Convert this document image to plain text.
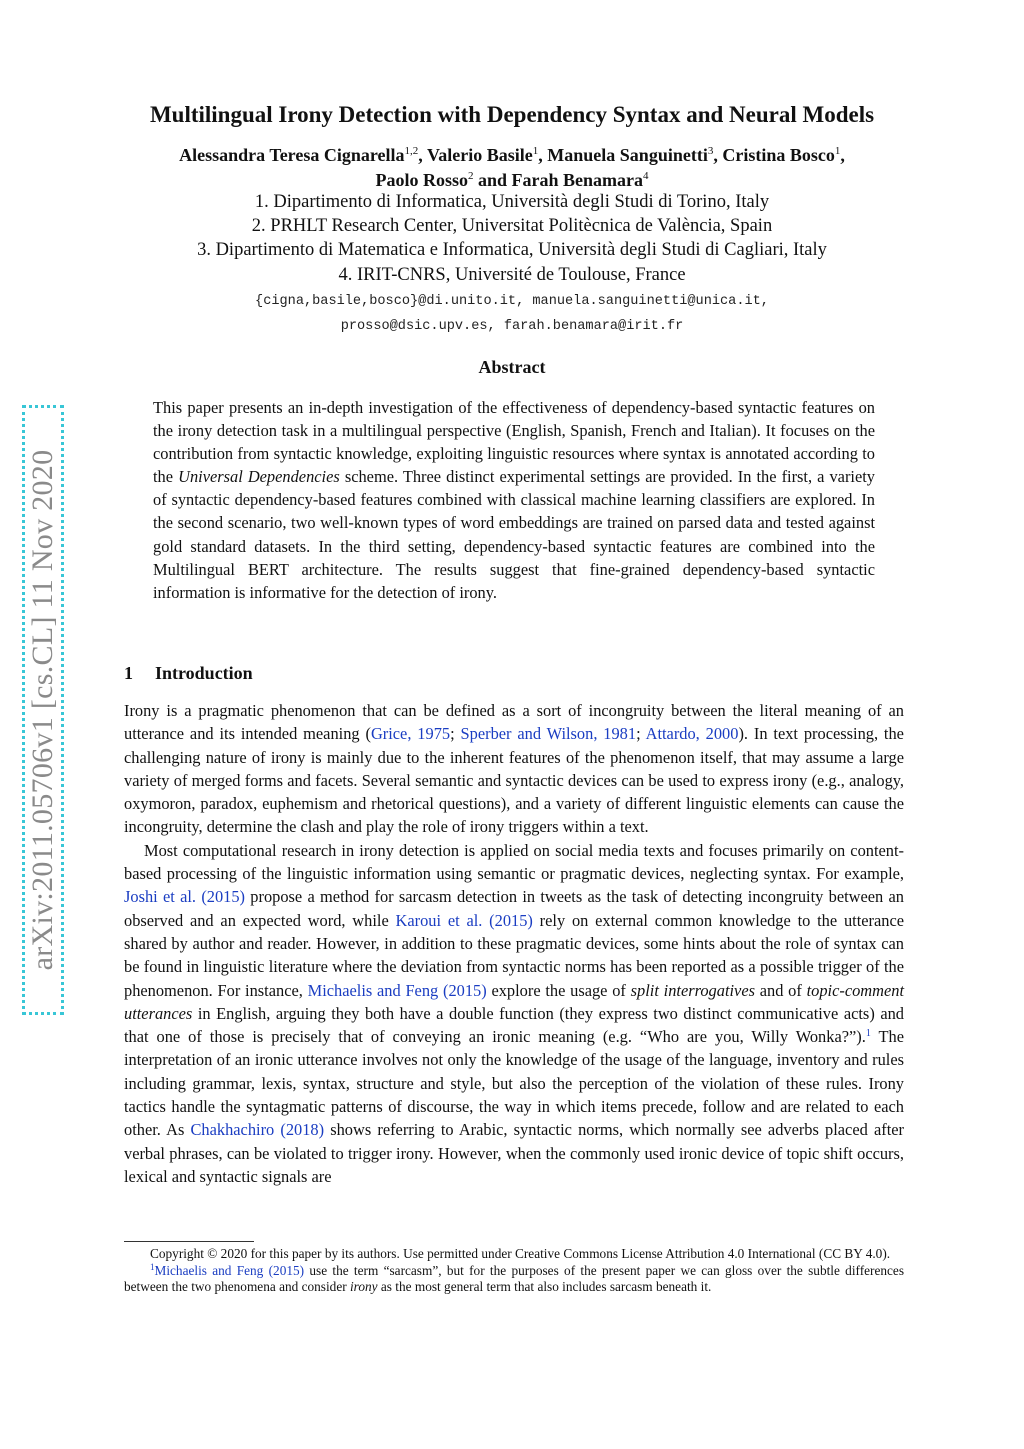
arXiv:2011.05706v1 [cs.CL] 11 Nov 2020
Multilingual Irony Detection with Dependency Syntax and Neural Models
Alessandra Teresa Cignarella$^{1,2}$, Valerio Basile$^1$, Manuela Sanguinetti$^3$, Cristina Bosco$^1$,
Paolo Rosso$^2$ and Farah Benamara$^4$
1. Dipartimento di Informatica, Università degli Studi di Torino, Italy
2. PRHLT Research Center, Universitat Politècnica de València, Spain
3. Dipartimento di Matematica e Informatica, Università degli Studi di Cagliari, Italy
4. IRIT-CNRS, Université de Toulouse, France
{cigna,basile,bosco}@di.unito.it, manuela.sanguinetti@unica.it,
prosso@dsic.upv.es, farah.benamara@irit.fr
Abstract
This paper presents an in-depth investigation of the effectiveness of dependency-based syntactic features on the irony detection task in a multilingual perspective (English, Spanish, French and Italian). It focuses on the contribution from syntactic knowledge, exploiting linguistic resources where syntax is annotated according to the Universal Dependencies scheme. Three distinct experimental settings are provided. In the first, a variety of syntactic dependency-based features combined with classical machine learning classifiers are explored. In the second scenario, two well-known types of word embeddings are trained on parsed data and tested against gold standard datasets. In the third setting, dependency-based syntactic features are combined into the Multilingual BERT architecture. The results suggest that fine-grained dependency-based syntactic information is informative for the detection of irony.
1 Introduction

Irony is a pragmatic phenomenon that can be defined as a sort of incongruity between the literal meaning of an utterance and its intended meaning (Grice, 1975; Sperber and Wilson, 1981; Attardo, 2000). In text processing, the challenging nature of irony is mainly due to the inherent features of the phenomenon itself, that may assume a large variety of merged forms and facets. Several semantic and syntactic devices can be used to express irony (e.g., analogy, oxymoron, paradox, euphemism and rhetorical questions), and a variety of different linguistic elements can cause the incongruity, determine the clash and play the role of irony triggers within a text.

Most computational research in irony detection is applied on social media texts and focuses primarily on content-based processing of the linguistic information using semantic or pragmatic devices, neglecting syntax. For example, Joshi et al. (2015) propose a method for sarcasm detection in tweets as the task of detecting incongruity between an observed and an expected word, while Karoui et al. (2015) rely on external common knowledge to the utterance shared by author and reader. However, in addition to these pragmatic devices, some hints about the role of syntax can be found in linguistic literature where the deviation from syntactic norms has been reported as a possible trigger of the phenomenon. For instance, Michaelis and Feng (2015) explore the usage of split interrogatives and of topic-comment utterances in English, arguing they both have a double function (they express two distinct communicative acts) and that one of those is precisely that of conveying an ironic meaning (e.g. “Who are you, Willy Wonka?”).$^1$ The interpretation of an ironic utterance involves not only the knowledge of the usage of the language, inventory and rules including grammar, lexis, syntax, structure and style, but also the perception of the violation of these rules. Irony tactics handle the syntagmatic patterns of discourse, the way in which items precede, follow and are related to each other. As Chakhachiro (2018) shows referring to Arabic, syntactic norms, which normally see adverbs placed after verbal phrases, can be violated to trigger irony. However, when the commonly used ironic device of topic shift occurs, lexical and syntactic signals are

Copyright © 2020 for this paper by its authors. Use permitted under Creative Commons License Attribution 4.0 International (CC BY 4.0).

$^1$Michaelis and Feng (2015) use the term “sarcasm”, but for the purposes of the present paper we can gloss over the subtle differences between the two phenomena and consider irony as the most general term that also includes sarcasm beneath it.
